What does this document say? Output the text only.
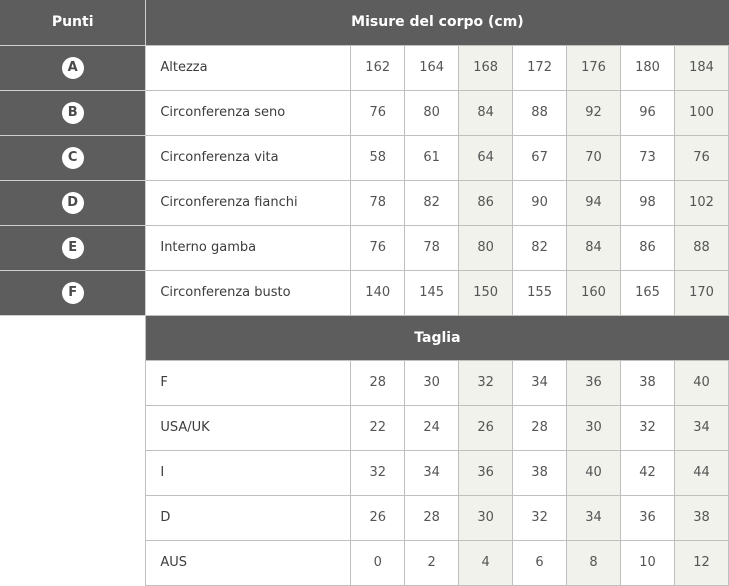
Punti	Misure del corpo (cm)							
A	Altezza	162	164	168	172	176	180	184
B	Circonferenza seno	76	80	84	88	92	96	100
C	Circonferenza vita	58	61	64	67	70	73	76
D	Circonferenza fianchi	78	82	86	90	94	98	102
E	Interno gamba	76	78	80	82	84	86	88
F	Circonferenza busto	140	145	150	155	160	165	170
	Taglia							
	F	28	30	32	34	36	38	40
	USA/UK	22	24	26	28	30	32	34
	I	32	34	36	38	40	42	44
	D	26	28	30	32	34	36	38
	AUS	0	2	4	6	8	10	12
